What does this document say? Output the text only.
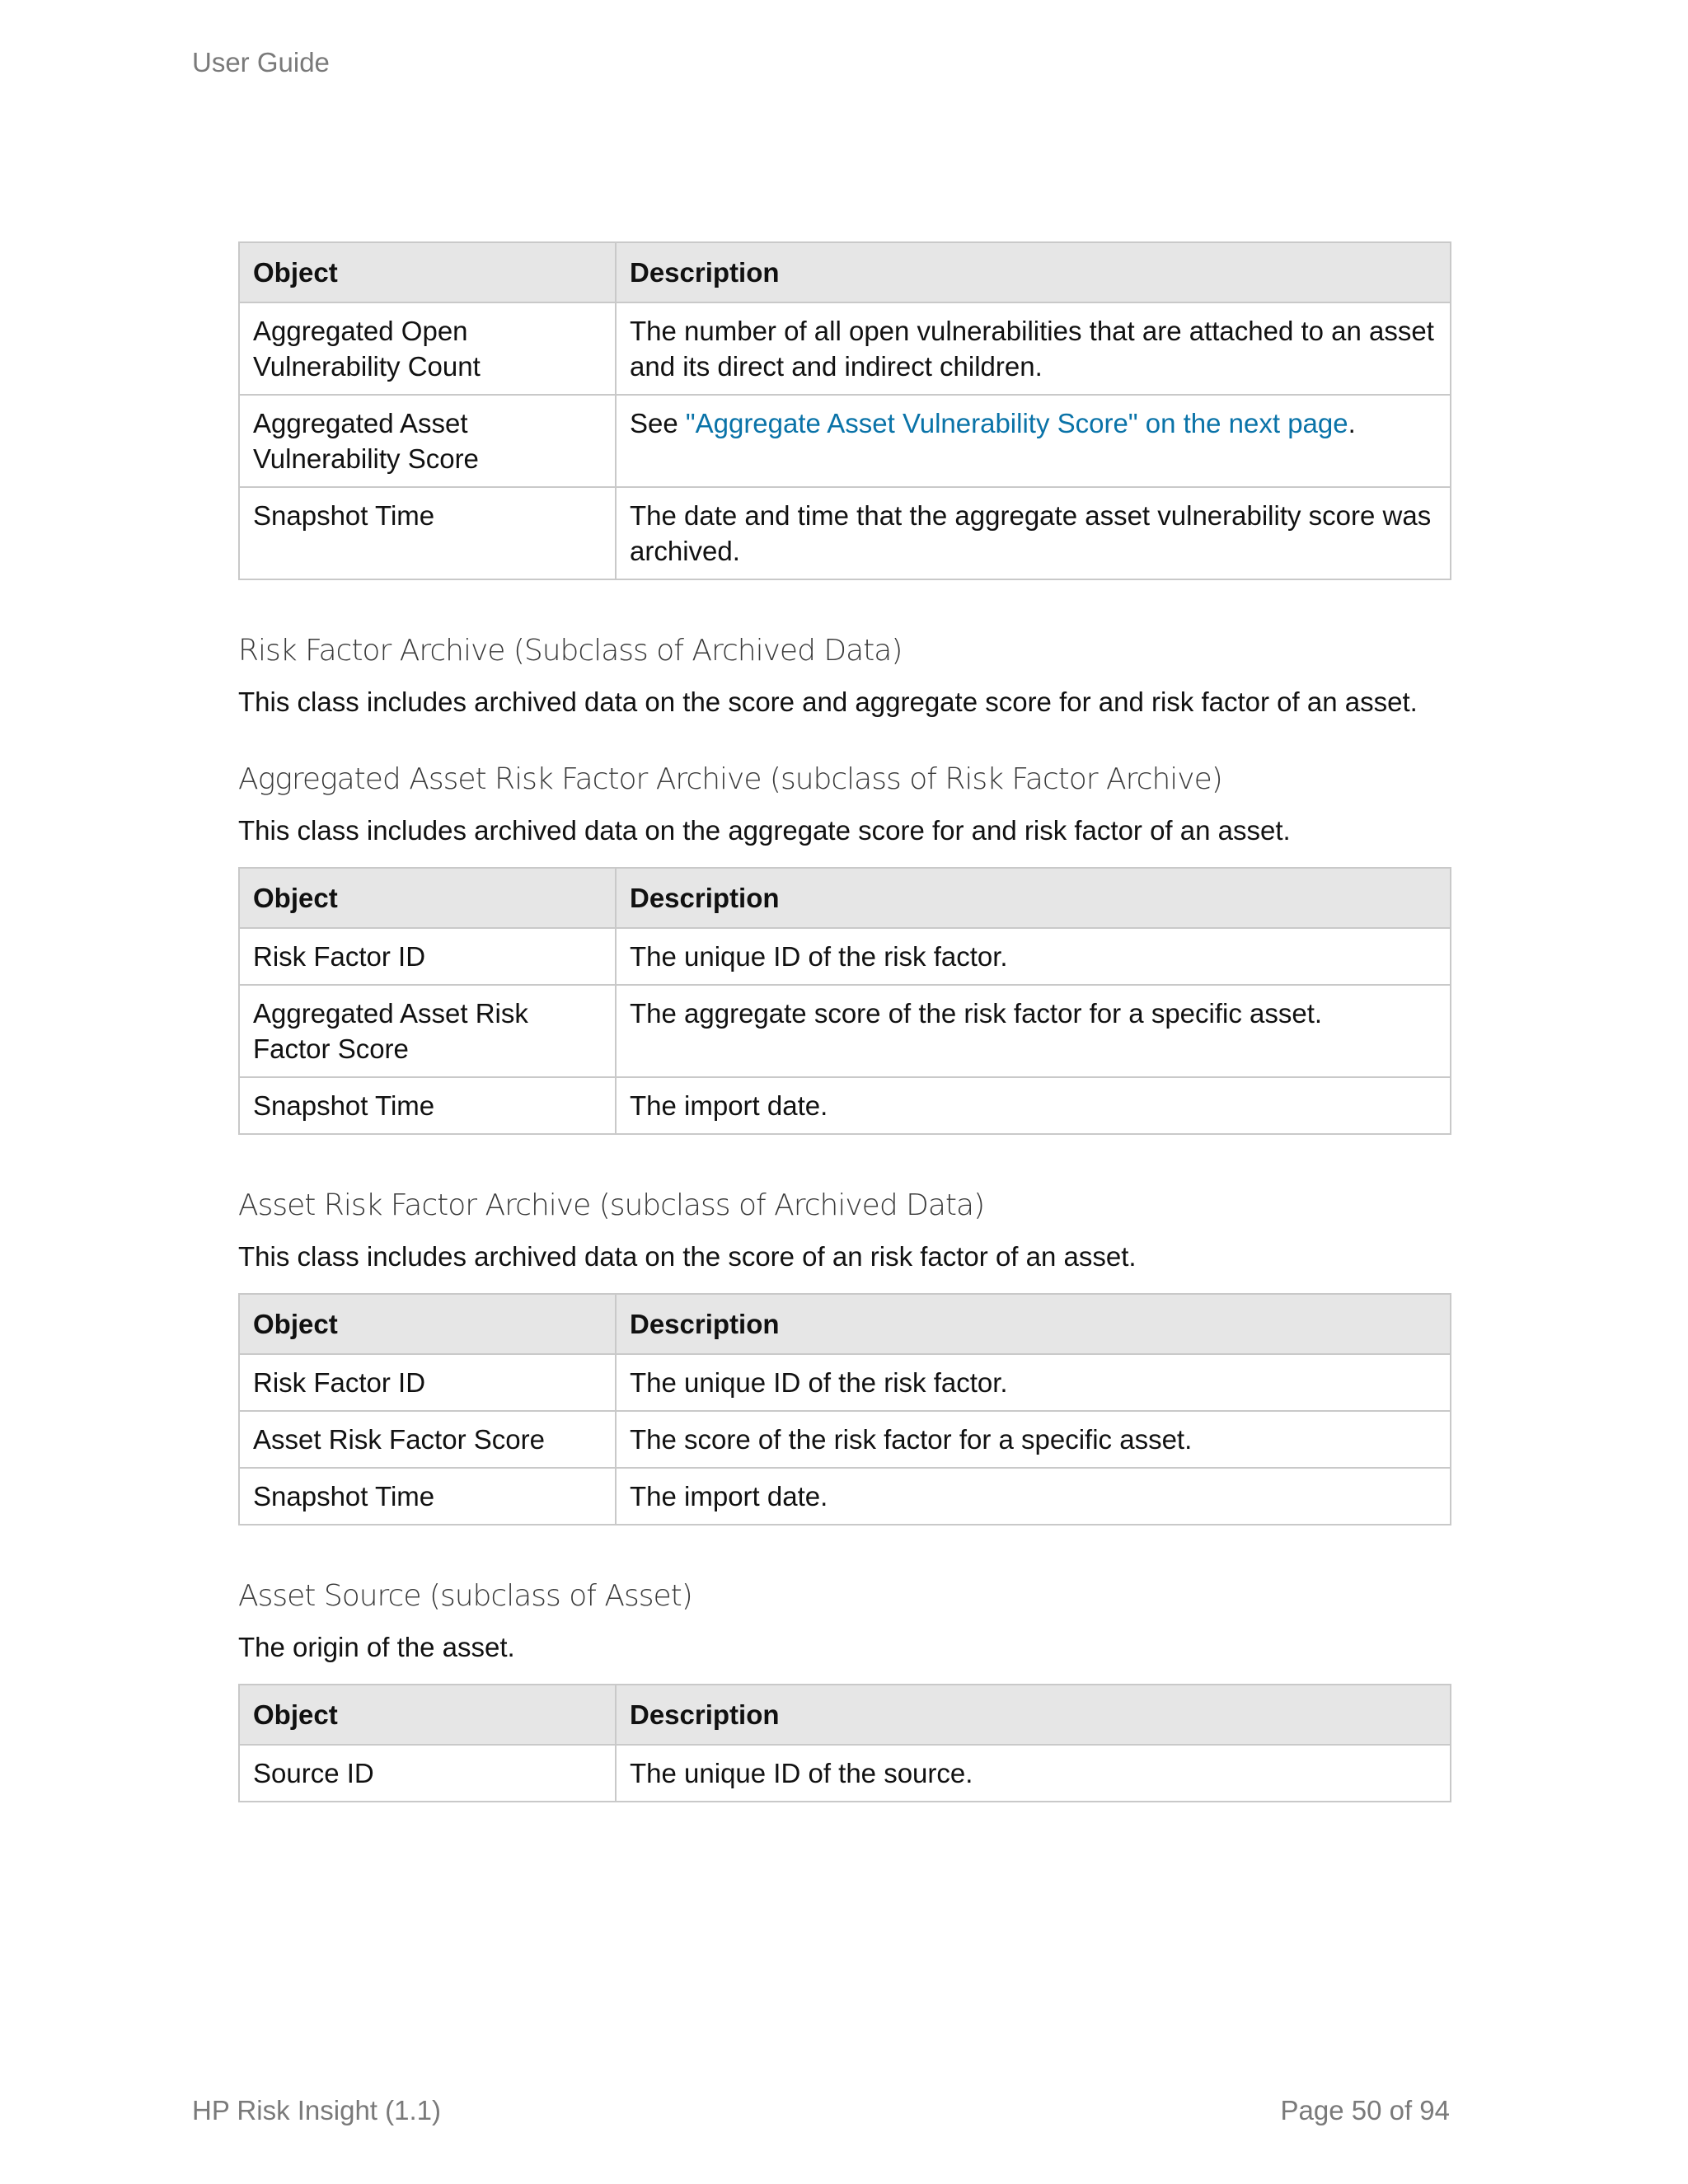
User Guide
Object	Description
Aggregated Open Vulnerability Count	The number of all open vulnerabilities that are attached to an asset and its direct and indirect children.
Aggregated Asset Vulnerability Score	See "Aggregate Asset Vulnerability Score" on the next page.
Snapshot Time	The date and time that the aggregate asset vulnerability score was archived.
Risk Factor Archive (Subclass of Archived Data)

This class includes archived data on the score and aggregate score for and risk factor of an asset.

Aggregated Asset Risk Factor Archive (subclass of Risk Factor Archive)

This class includes archived data on the aggregate score for and risk factor of an asset.

Object	Description
Risk Factor ID	The unique ID of the risk factor.
Aggregated Asset Risk Factor Score	The aggregate score of the risk factor for a specific asset.
Snapshot Time	The import date.
Asset Risk Factor Archive (subclass of Archived Data)

This class includes archived data on the score of an risk factor of an asset.

Object	Description
Risk Factor ID	The unique ID of the risk factor.
Asset Risk Factor Score	The score of the risk factor for a specific asset.
Snapshot Time	The import date.
Asset Source (subclass of Asset)

The origin of the asset.

Object	Description
Source ID	The unique ID of the source.
HP Risk Insight (1.1)	Page 50 of 94
